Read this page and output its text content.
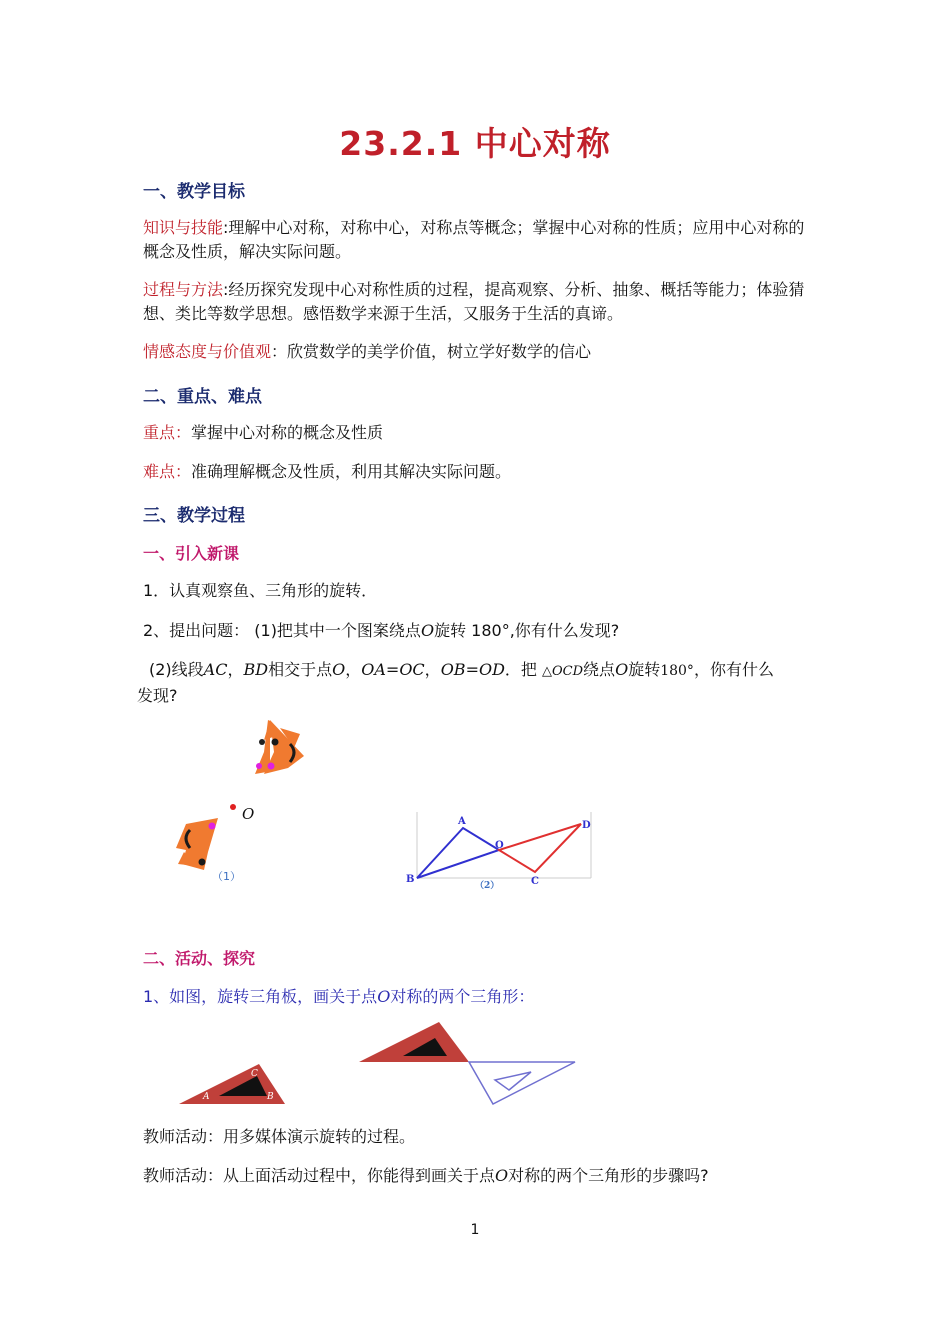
23.2.1 中心对称
一、教学目标
知识与技能:理解中心对称，对称中心，对称点等概念；掌握中心对称的性质；应用中心对称的概念及性质，解决实际问题。
过程与方法:经历探究发现中心对称性质的过程，提高观察、分析、抽象、概括等能力；体验猜想、类比等数学思想。感悟数学来源于生活，又服务于生活的真谛。
情感态度与价值观：欣赏数学的美学价值，树立学好数学的信心
二、重点、难点
重点：掌握中心对称的概念及性质
难点：准确理解概念及性质，利用其解决实际问题。
三、教学过程
一、引入新课
1．认真观察鱼、三角形的旋转．
2、提出问题： (1)把其中一个图案绕点O旋转 180°,你有什么发现?
(2)线段AC，BD相交于点O，OA=OC，OB=OD．把 △OCD绕点O旋转180°，你有什么
发现?
O
（1）
A
B
O
C
D
（2）
二、活动、探究
1、如图，旋转三角板，画关于点O对称的两个三角形：
A	B
C
教师活动：用多媒体演示旋转的过程。
教师活动：从上面活动过程中，你能得到画关于点O对称的两个三角形的步骤吗?
1
